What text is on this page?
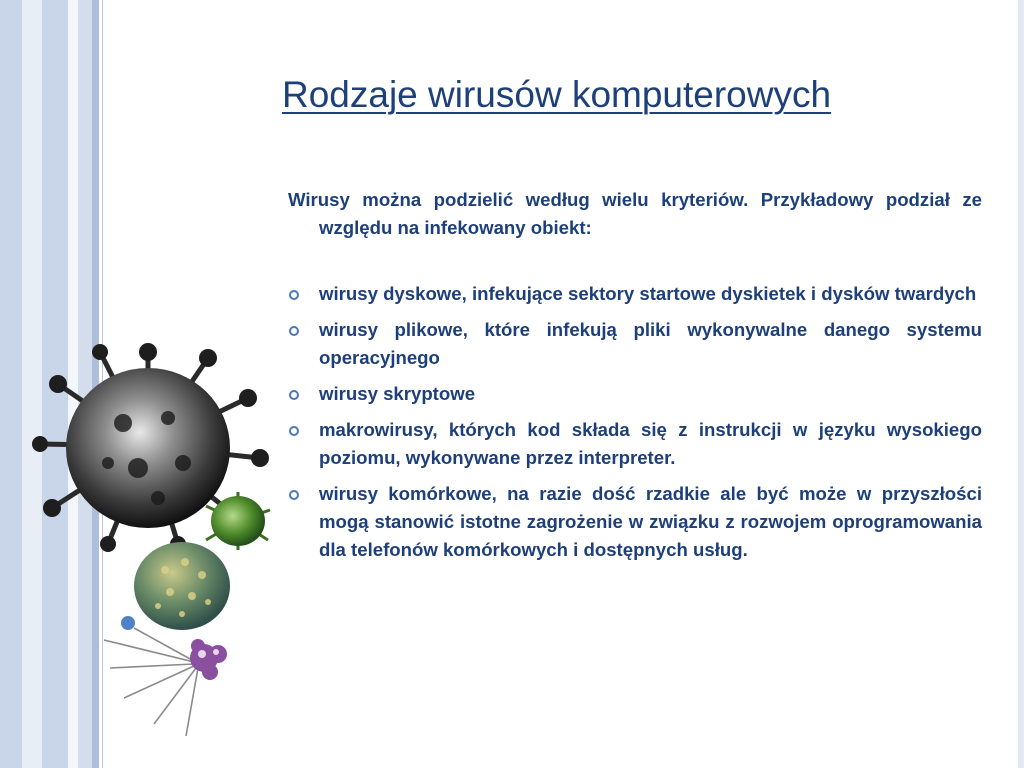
Rodzaje wirusów komputerowych

Wirusy można podzielić według wielu kryteriów. Przykładowy podział ze względu na infekowany obiekt:

wirusy dyskowe, infekujące sektory startowe dyskietek i dysków twardych
wirusy plikowe, które infekują pliki wykonywalne danego systemu operacyjnego
wirusy skryptowe
makrowirusy, których kod składa się z instrukcji w języku wysokiego poziomu, wykonywane przez interpreter.
wirusy komórkowe, na razie dość rzadkie ale być może w przyszłości mogą stanowić istotne zagrożenie w związku z rozwojem oprogramowania dla telefonów komórkowych i dostępnych usług.
